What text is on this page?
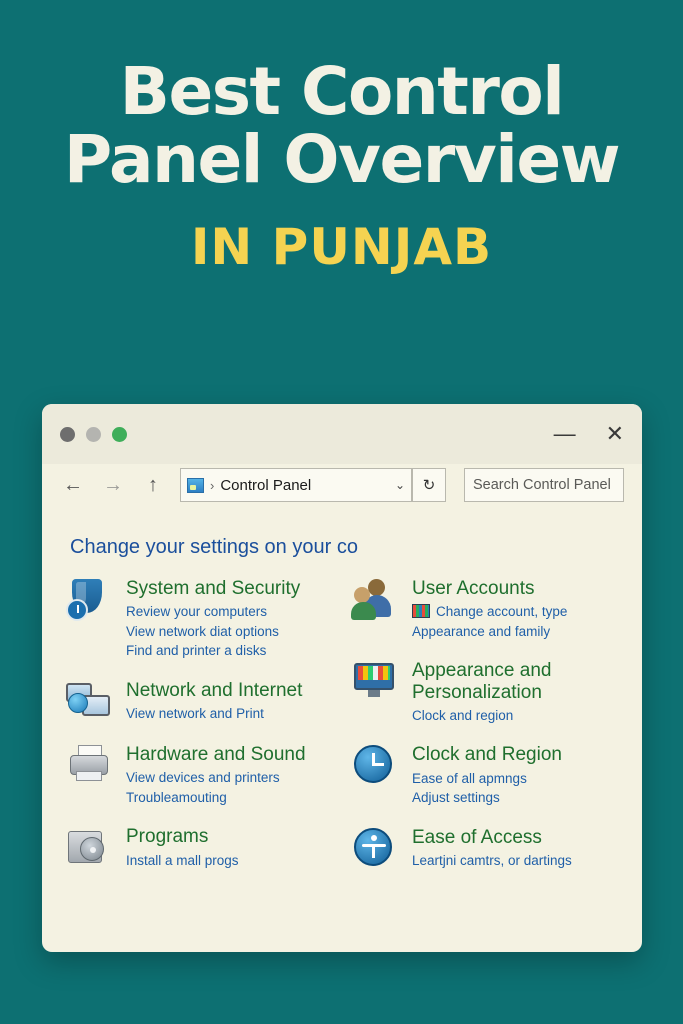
Best Control
Panel Overview
IN PUNJAB
— ✕
← →	↑	› Control Panel	⌄ ↻	Search Control Panel
Change your settings on your co
System and Security
Review your computers
View network diat options
Find and printer a disks
Network and Internet
View network and Print
Hardware and Sound
View devices and printers
Troubleamouting
Programs
Install a mall progs
User Accounts
Change account, type
Appearance and family
Appearance and Personalization
Clock and region
Clock and Region
Ease of all apmngs
Adjust settings
Ease of Access
Leartjni camtrs, or dartings
